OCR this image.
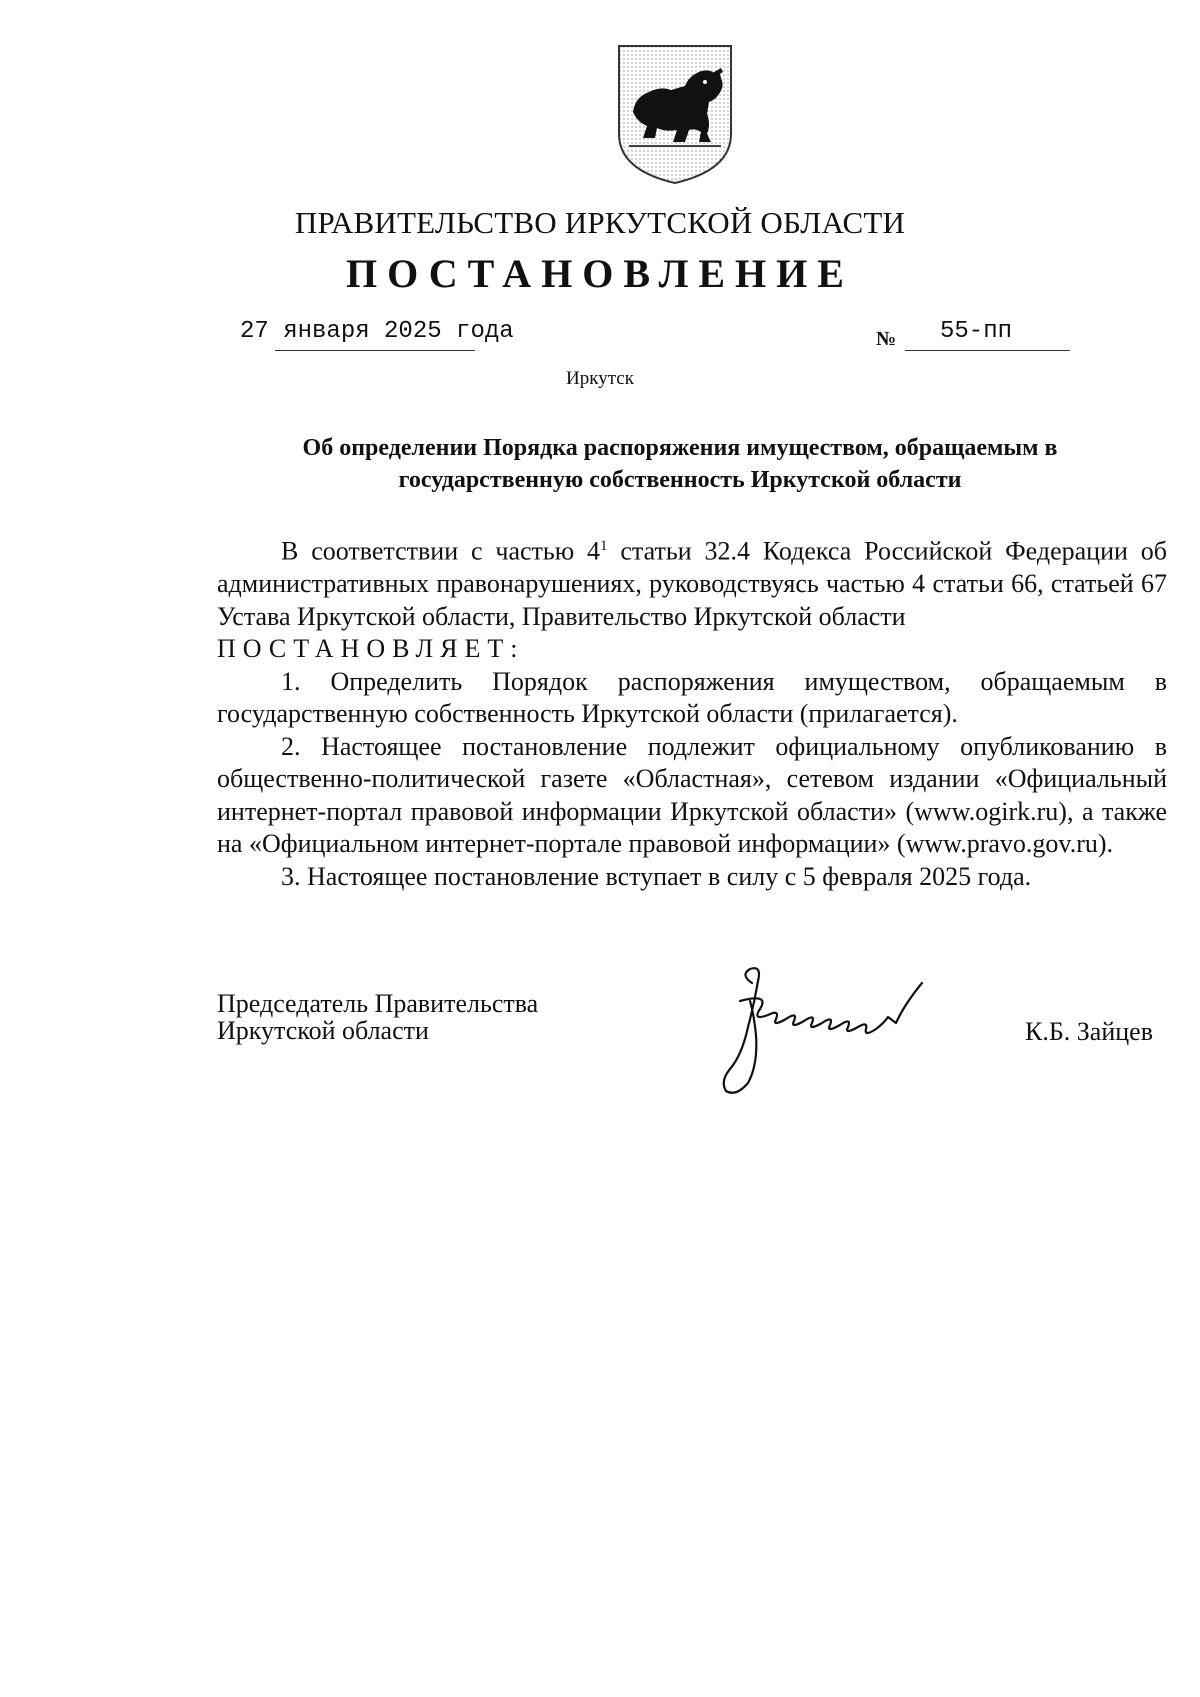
ПРАВИТЕЛЬСТВО ИРКУТСКОЙ ОБЛАСТИ
ПОСТАНОВЛЕНИЕ
27 января 2025 года	№ 55-пп
Иркутск
Об определении Порядка распоряжения имуществом, обращаемым в
государственную собственность Иркутской области

В соответствии с частью $4^1$ статьи 32.4 Кодекса Российской Федерации об административных правонарушениях, руководствуясь частью 4 статьи 66, статьей 67 Устава Иркутской области, Правительство Иркутской области

ПОСТАНОВЛЯЕТ:

1. Определить Порядок распоряжения имуществом, обращаемым в государственную собственность Иркутской области (прилагается).

2. Настоящее постановление подлежит официальному опубликованию в общественно-политической газете «Областная», сетевом издании «Официальный интернет-портал правовой информации Иркутской области» (www.ogirk.ru), а также на «Официальном интернет-портале правовой информации» (www.pravo.gov.ru).

3. Настоящее постановление вступает в силу с 5 февраля 2025 года.

Председатель Правительства
Иркутской области	К.Б. Зайцев
